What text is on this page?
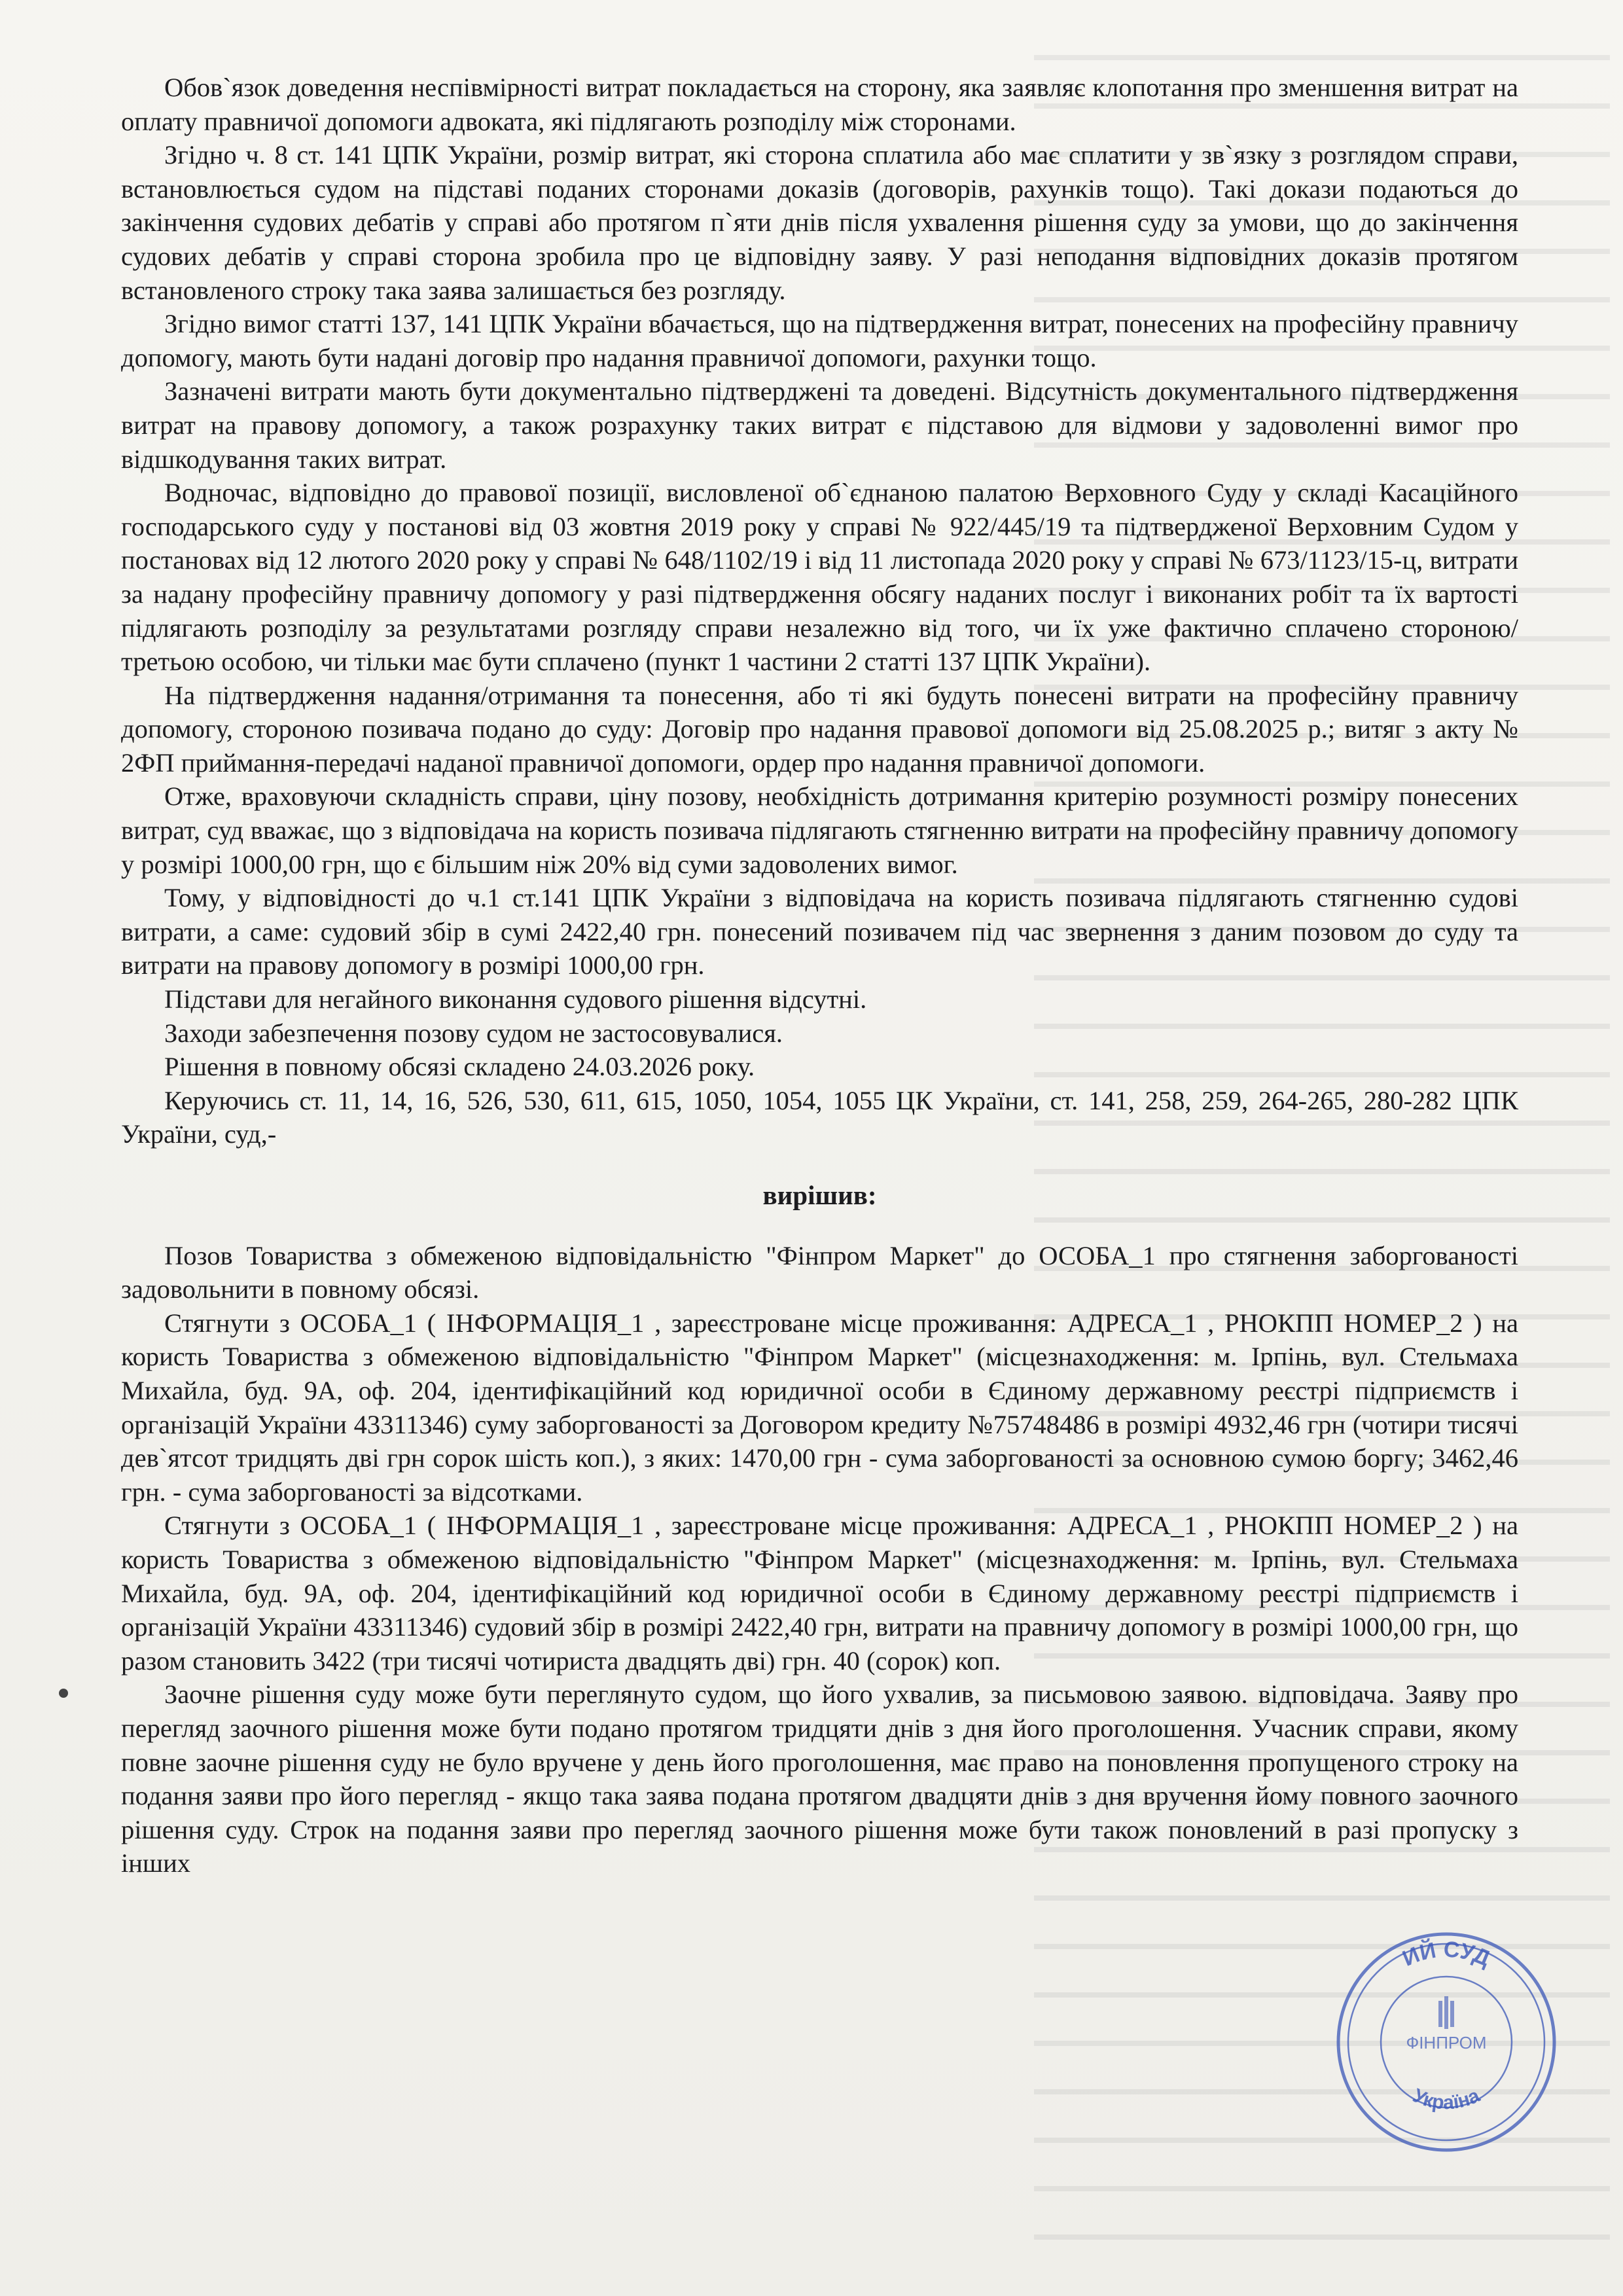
Обов`язок доведення неспівмірності витрат покладається на сторону, яка заявляє клопотання про зменшення витрат на оплату правничої допомоги адвоката, які підлягають розподілу між сторонами.

Згідно ч. 8 ст. 141 ЦПК України, розмір витрат, які сторона сплатила або має сплатити у зв`язку з розглядом справи, встановлюється судом на підставі поданих сторонами доказів (договорів, рахунків тощо). Такі докази подаються до закінчення судових дебатів у справі або протягом п`яти днів після ухвалення рішення суду за умови, що до закінчення судових дебатів у справі сторона зробила про це відповідну заяву. У разі неподання відповідних доказів протягом встановленого строку така заява залишається без розгляду.

Згідно вимог статті 137, 141 ЦПК України вбачається, що на підтвердження витрат, понесених на професійну правничу допомогу, мають бути надані договір про надання правничої допомоги, рахунки тощо.

Зазначені витрати мають бути документально підтверджені та доведені. Відсутність документального підтвердження витрат на правову допомогу, а також розрахунку таких витрат є підставою для відмови у задоволенні вимог про відшкодування таких витрат.

Водночас, відповідно до правової позиції, висловленої об`єднаною палатою Верховного Суду у складі Касаційного господарського суду у постанові від 03 жовтня 2019 року у справі № 922/445/19 та підтвердженої Верховним Судом у постановах від 12 лютого 2020 року у справі № 648/1102/19 і від 11 листопада 2020 року у справі № 673/1123/15-ц, витрати за надану професійну правничу допомогу у разі підтвердження обсягу наданих послуг і виконаних робіт та їх вартості підлягають розподілу за результатами розгляду справи незалежно від того, чи їх уже фактично сплачено стороною/третьою особою, чи тільки має бути сплачено (пункт 1 частини 2 статті 137 ЦПК України).

На підтвердження надання/отримання та понесення, або ті які будуть понесені витрати на професійну правничу допомогу, стороною позивача подано до суду: Договір про надання правової допомоги від 25.08.2025 р.; витяг з акту № 2ФП приймання-передачі наданої правничої допомоги, ордер про надання правничої допомоги.

Отже, враховуючи складність справи, ціну позову, необхідність дотримання критерію розумності розміру понесених витрат, суд вважає, що з відповідача на користь позивача підлягають стягненню витрати на професійну правничу допомогу у розмірі 1000,00 грн, що є більшим ніж 20% від суми задоволених вимог.

Тому, у відповідності до ч.1 ст.141 ЦПК України з відповідача на користь позивача підлягають стягненню судові витрати, а саме: судовий збір в сумі 2422,40 грн. понесений позивачем під час звернення з даним позовом до суду та витрати на правову допомогу в розмірі 1000,00 грн.

Підстави для негайного виконання судового рішення відсутні.

Заходи забезпечення позову судом не застосовувалися.

Рішення в повному обсязі складено 24.03.2026 року.

Керуючись ст. 11, 14, 16, 526, 530, 611, 615, 1050, 1054, 1055 ЦК України, ст. 141, 258, 259, 264-265, 280-282 ЦПК України, суд,-

вирішив:

Позов Товариства з обмеженою відповідальністю "Фінпром Маркет" до ОСОБА_1 про стягнення заборгованості задовольнити в повному обсязі.

Стягнути з ОСОБА_1 ( ІНФОРМАЦІЯ_1 , зареєстроване місце проживання: АДРЕСА_1 , РНОКПП НОМЕР_2 ) на користь Товариства з обмеженою відповідальністю "Фінпром Маркет" (місцезнаходження: м. Ірпінь, вул. Стельмаха Михайла, буд. 9А, оф. 204, ідентифікаційний код юридичної особи в Єдиному державному реєстрі підприємств і організацій України 43311346) суму заборгованості за Договором кредиту №75748486 в розмірі 4932,46 грн (чотири тисячі дев`ятсот тридцять дві грн сорок шість коп.), з яких: 1470,00 грн - сума заборгованості за основною сумою боргу; 3462,46 грн. - сума заборгованості за відсотками.

Стягнути з ОСОБА_1 ( ІНФОРМАЦІЯ_1 , зареєстроване місце проживання: АДРЕСА_1 , РНОКПП НОМЕР_2 ) на користь Товариства з обмеженою відповідальністю "Фінпром Маркет" (місцезнаходження: м. Ірпінь, вул. Стельмаха Михайла, буд. 9А, оф. 204, ідентифікаційний код юридичної особи в Єдиному державному реєстрі підприємств і організацій України 43311346) судовий збір в розмірі 2422,40 грн, витрати на правничу допомогу в розмірі 1000,00 грн, що разом становить 3422 (три тисячі чотириста двадцять дві) грн. 40 (сорок) коп.

Заочне рішення суду може бути переглянуто судом, що його ухвалив, за письмовою заявою. відповідача. Заяву про перегляд заочного рішення може бути подано протягом тридцяти днів з дня його проголошення. Учасник справи, якому повне заочне рішення суду не було вручене у день його проголошення, має право на поновлення пропущеного строку на подання заяви про його перегляд - якщо така заява подана протягом двадцяти днів з дня вручення йому повного заочного рішення суду. Строк на подання заяви про перегляд заочного рішення може бути також поновлений в разі пропуску з інших

ИЙ СУД
Україна
ФІНПРОМ
